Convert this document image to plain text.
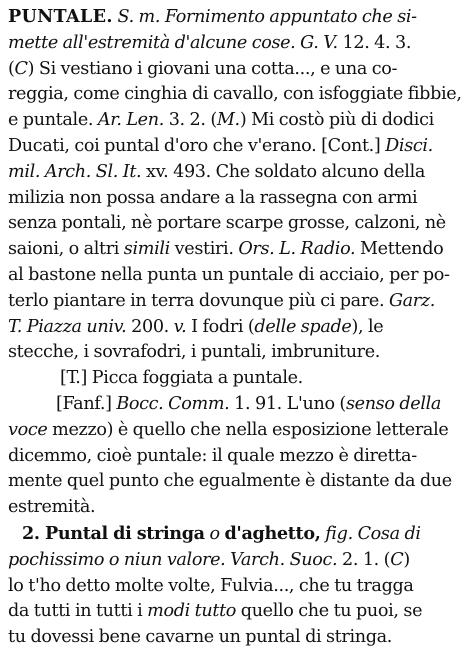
PUNTALE. S. m. Fornimento appuntato che si-
mette all'estremità d'alcune cose. G. V. 12. 4. 3.
(C) Si vestiano i giovani una cotta..., e una co-
reggia, come cinghia di cavallo, con isfoggiate fibbie,
e puntale. Ar. Len. 3. 2. (M.) Mi costò più di dodici
Ducati, coi puntal d'oro che v'erano. [Cont.] Disci.
mil. Arch. Sl. It. xv. 493. Che soldato alcuno della
milizia non possa andare a la rassegna con armi
senza pontali, nè portare scarpe grosse, calzoni, nè
saioni, o altri simili vestiri. Ors. L. Radio. Mettendo
al bastone nella punta un puntale di acciaio, per po-
terlo piantare in terra dovunque più ci pare. Garz.
T. Piazza univ. 200. v. I fodri (delle spade), le
stecche, i sovrafodri, i puntali, imbruniture.
[T.] Picca foggiata a puntale.
[Fanf.] Bocc. Comm. 1. 91. L'uno (senso della
voce mezzo) è quello che nella esposizione letterale
dicemmo, cioè puntale: il quale mezzo è diretta-
mente quel punto che egualmente è distante da due
estremità.
2. Puntal di stringa o d'aghetto, fig. Cosa di
pochissimo o niun valore. Varch. Suoc. 2. 1. (C)
lo t'ho detto molte volte, Fulvia..., che tu tragga
da tutti in tutti i modi tutto quello che tu puoi, se
tu dovessi bene cavarne un puntal di stringa.
